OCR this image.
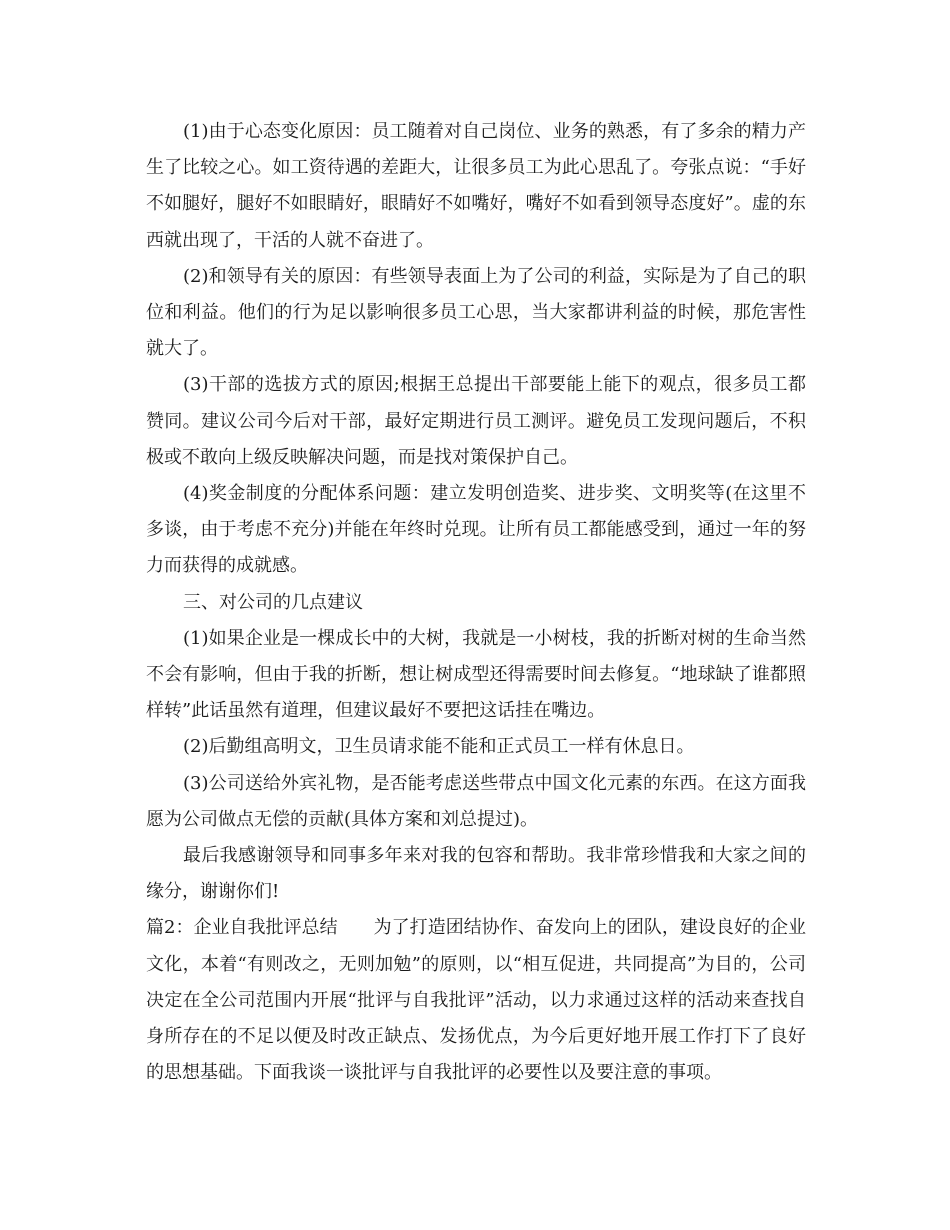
(1)由于心态变化原因：员工随着对自己岗位、业务的熟悉，有了多余的精力产生了比较之心。如工资待遇的差距大，让很多员工为此心思乱了。夸张点说：“手好不如腿好，腿好不如眼睛好，眼睛好不如嘴好，嘴好不如看到领导态度好”。虚的东西就出现了，干活的人就不奋进了。

(2)和领导有关的原因：有些领导表面上为了公司的利益，实际是为了自己的职位和利益。他们的行为足以影响很多员工心思，当大家都讲利益的时候，那危害性就大了。

(3)干部的选拔方式的原因;根据王总提出干部要能上能下的观点，很多员工都赞同。建议公司今后对干部，最好定期进行员工测评。避免员工发现问题后，不积极或不敢向上级反映解决问题，而是找对策保护自己。

(4)奖金制度的分配体系问题：建立发明创造奖、进步奖、文明奖等(在这里不多谈，由于考虑不充分)并能在年终时兑现。让所有员工都能感受到，通过一年的努力而获得的成就感。

三、对公司的几点建议

(1)如果企业是一棵成长中的大树，我就是一小树枝，我的折断对树的生命当然不会有影响，但由于我的折断，想让树成型还得需要时间去修复。“地球缺了谁都照样转”此话虽然有道理，但建议最好不要把这话挂在嘴边。

(2)后勤组高明文，卫生员请求能不能和正式员工一样有休息日。

(3)公司送给外宾礼物，是否能考虑送些带点中国文化元素的东西。在这方面我愿为公司做点无偿的贡献(具体方案和刘总提过)。

最后我感谢领导和同事多年来对我的包容和帮助。我非常珍惜我和大家之间的缘分，谢谢你们!

篇2：企业自我批评总结　　为了打造团结协作、奋发向上的团队，建设良好的企业文化，本着“有则改之，无则加勉”的原则，以“相互促进，共同提高”为目的，公司决定在全公司范围内开展“批评与自我批评”活动，以力求通过这样的活动来查找自身所存在的不足以便及时改正缺点、发扬优点，为今后更好地开展工作打下了良好的思想基础。下面我谈一谈批评与自我批评的必要性以及要注意的事项。
